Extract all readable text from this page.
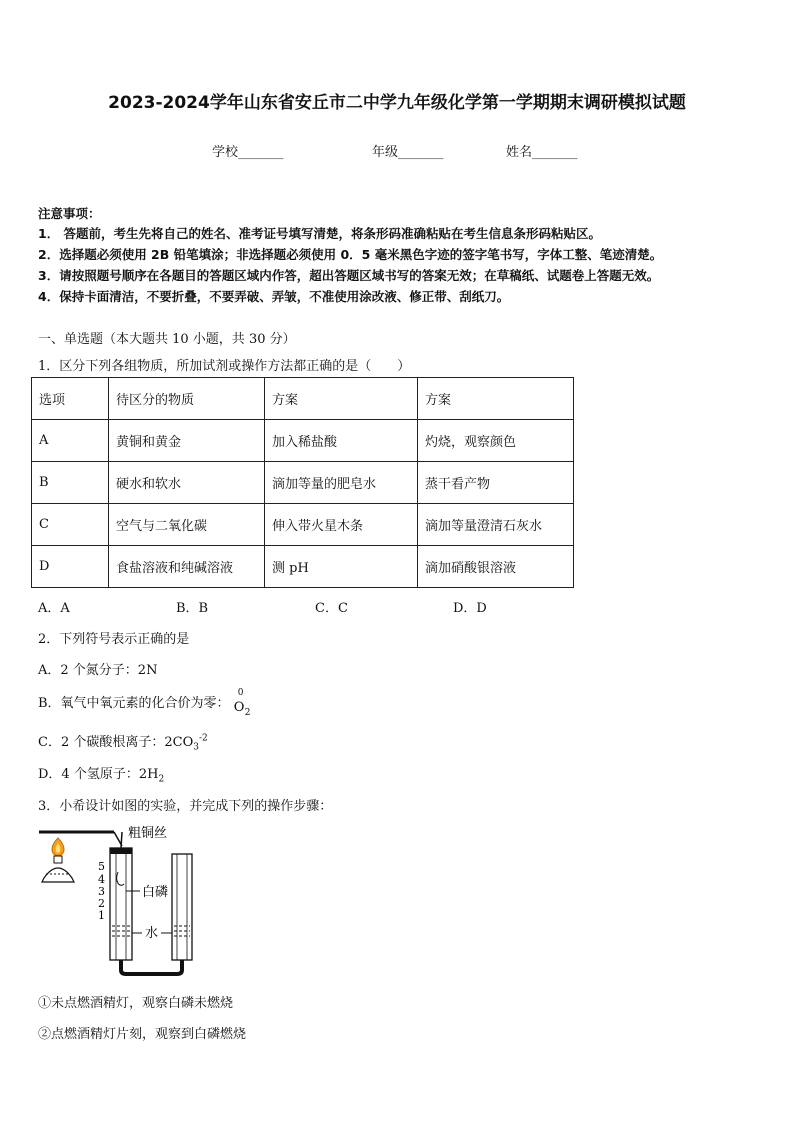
2023-2024学年山东省安丘市二中学九年级化学第一学期期末调研模拟试题
学校_______	年级_______	姓名_______
注意事项：
1． 答题前，考生先将自己的姓名、准考证号填写清楚，将条形码准确粘贴在考生信息条形码粘贴区。
2．选择题必须使用 2B 铅笔填涂；非选择题必须使用 0．5 毫米黑色字迹的签字笔书写，字体工整、笔迹清楚。
3．请按照题号顺序在各题目的答题区域内作答，超出答题区域书写的答案无效；在草稿纸、试题卷上答题无效。
4．保持卡面清洁，不要折叠，不要弄破、弄皱，不准使用涂改液、修正带、刮纸刀。
一、单选题（本大题共 10 小题，共 30 分）
1．区分下列各组物质，所加试剂或操作方法都正确的是（　　）
选项	待区分的物质	方案	方案
A	黄铜和黄金	加入稀盐酸	灼烧，观察颜色
B	硬水和软水	滴加等量的肥皂水	蒸干看产物
C	空气与二氧化碳	伸入带火星木条	滴加等量澄清石灰水
D	食盐溶液和纯碱溶液	测 pH	滴加硝酸银溶液
A．A	B．B	C．C	D．D
2．下列符号表示正确的是
A．2 个氮分子：2N
B．氧气中氧元素的化合价为零：
0
O 2
C．2 个碳酸根离子：$2CO_3^{-2}$
D．4 个氢原子：$2H_2$
3．小希设计如图的实验，并完成下列的操作步骤：
粗铜丝
5
4
3
2
1
白磷
水
①未点燃酒精灯，观察白磷未燃烧
②点燃酒精灯片刻，观察到白磷燃烧
